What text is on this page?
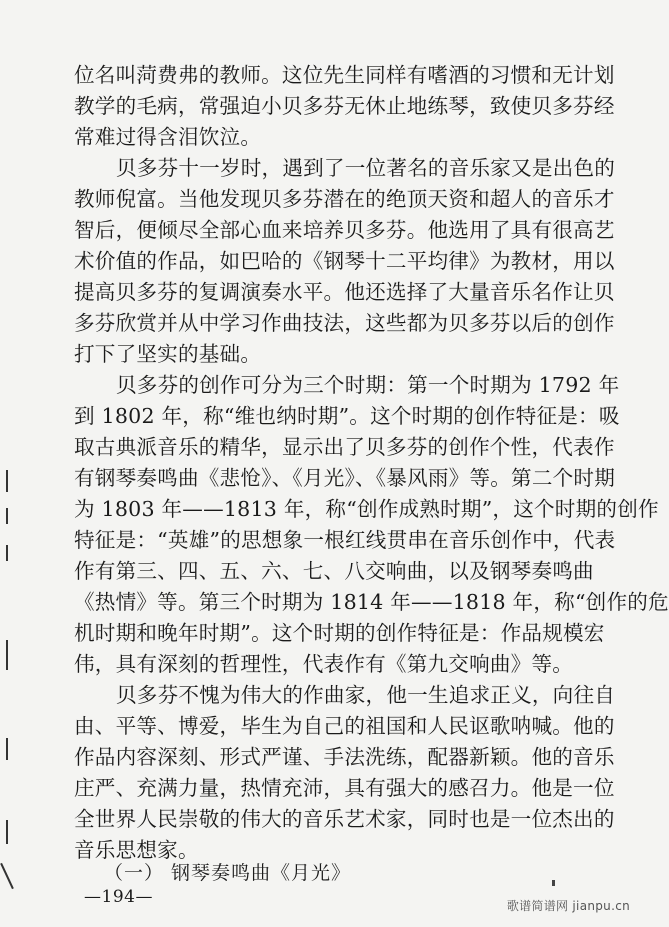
位名叫菏费弗的教师。这位先生同样有嗜酒的习惯和无计划
教学的毛病，常强迫小贝多芬无休止地练琴，致使贝多芬经
常难过得含泪饮泣。
贝多芬十一岁时，遇到了一位著名的音乐家又是出色的
教师倪富。当他发现贝多芬潜在的绝顶天资和超人的音乐才
智后，便倾尽全部心血来培养贝多芬。他选用了具有很高艺
术价值的作品，如巴哈的《钢琴十二平均律》为教材，用以
提高贝多芬的复调演奏水平。他还选择了大量音乐名作让贝
多芬欣赏并从中学习作曲技法，这些都为贝多芬以后的创作
打下了坚实的基础。
贝多芬的创作可分为三个时期：第一个时期为 1792 年
到 1802 年，称“维也纳时期”。这个时期的创作特征是：吸
取古典派音乐的精华，显示出了贝多芬的创作个性，代表作
有钢琴奏鸣曲《悲怆》、《月光》、《暴风雨》等。第二个时期
为 1803 年——1813 年，称“创作成熟时期”，这个时期的创作
特征是：“英雄”的思想象一根红线贯串在音乐创作中，代表
作有第三、四、五、六、七、八交响曲，以及钢琴奏鸣曲
《热情》等。第三个时期为 1814 年——1818 年，称“创作的危
机时期和晚年时期”。这个时期的创作特征是：作品规模宏
伟，具有深刻的哲理性，代表作有《第九交响曲》等。
贝多芬不愧为伟大的作曲家，他一生追求正义，向往自
由、平等、博爱，毕生为自己的祖国和人民讴歌呐喊。他的
作品内容深刻、形式严谨、手法洗练，配器新颖。他的音乐
庄严、充满力量，热情充沛，具有强大的感召力。他是一位
全世界人民崇敬的伟大的音乐艺术家，同时也是一位杰出的
音乐思想家。
（一） 钢琴奏鸣曲《月光》
—194—	歌谱简谱网 jianpu.cn
